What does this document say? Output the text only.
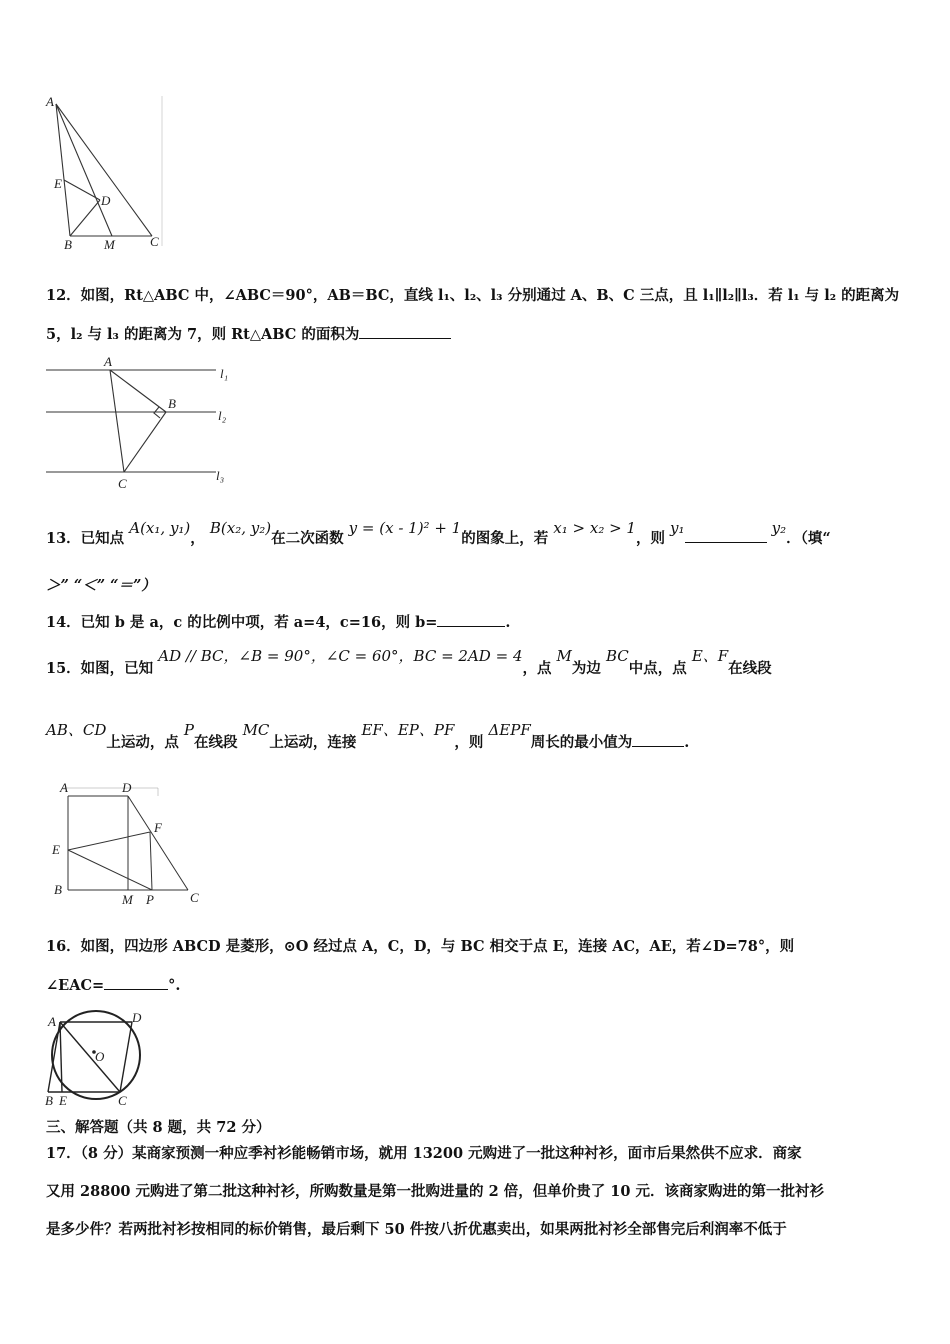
A
E
D
B M	C
12．如图，Rt△ABC 中，∠ABC＝90°，AB＝BC，直线 l₁、l₂、l₃ 分别通过 A、B、C 三点，且 l₁∥l₂∥l₃．若 l₁ 与 l₂ 的距离为
5，l₂ 与 l₃ 的距离为 7，则 Rt△ABC 的面积为
A
B
C
l₁
l₂
l₃
13．已知点 A(x₁, y₁)， B(x₂, y₂)在二次函数 y = (x - 1)² + 1的图象上，若 x₁ > x₂ > 1，则 y₁	y₂．（填“
＞” “＜” “＝”）
14．已知 b 是 a，c 的比例中项，若 a=4，c=16，则 b=	.
15．如图，已知 AD // BC，∠B = 90°，∠C = 60°，BC = 2AD = 4，点 M为边 BC中点，点 E、F在线段
AB、CD上运动，点 P在线段 MC上运动，连接 EF、EP、PF，则 ΔEPF周长的最小值为	.
A	D
F
E
B
M P	C
16．如图，四边形 ABCD 是菱形，⊙O 经过点 A，C，D，与 BC 相交于点 E，连接 AC，AE，若∠D=78°，则
∠EAC=	°.
A	D
O
B E	C
三、解答题（共 8 题，共 72 分）
17．（8 分）某商家预测一种应季衬衫能畅销市场，就用 13200 元购进了一批这种衬衫，面市后果然供不应求．商家
又用 28800 元购进了第二批这种衬衫，所购数量是第一批购进量的 2 倍，但单价贵了 10 元．该商家购进的第一批衬衫
是多少件？若两批衬衫按相同的标价销售，最后剩下 50 件按八折优惠卖出，如果两批衬衫全部售完后利润率不低于
